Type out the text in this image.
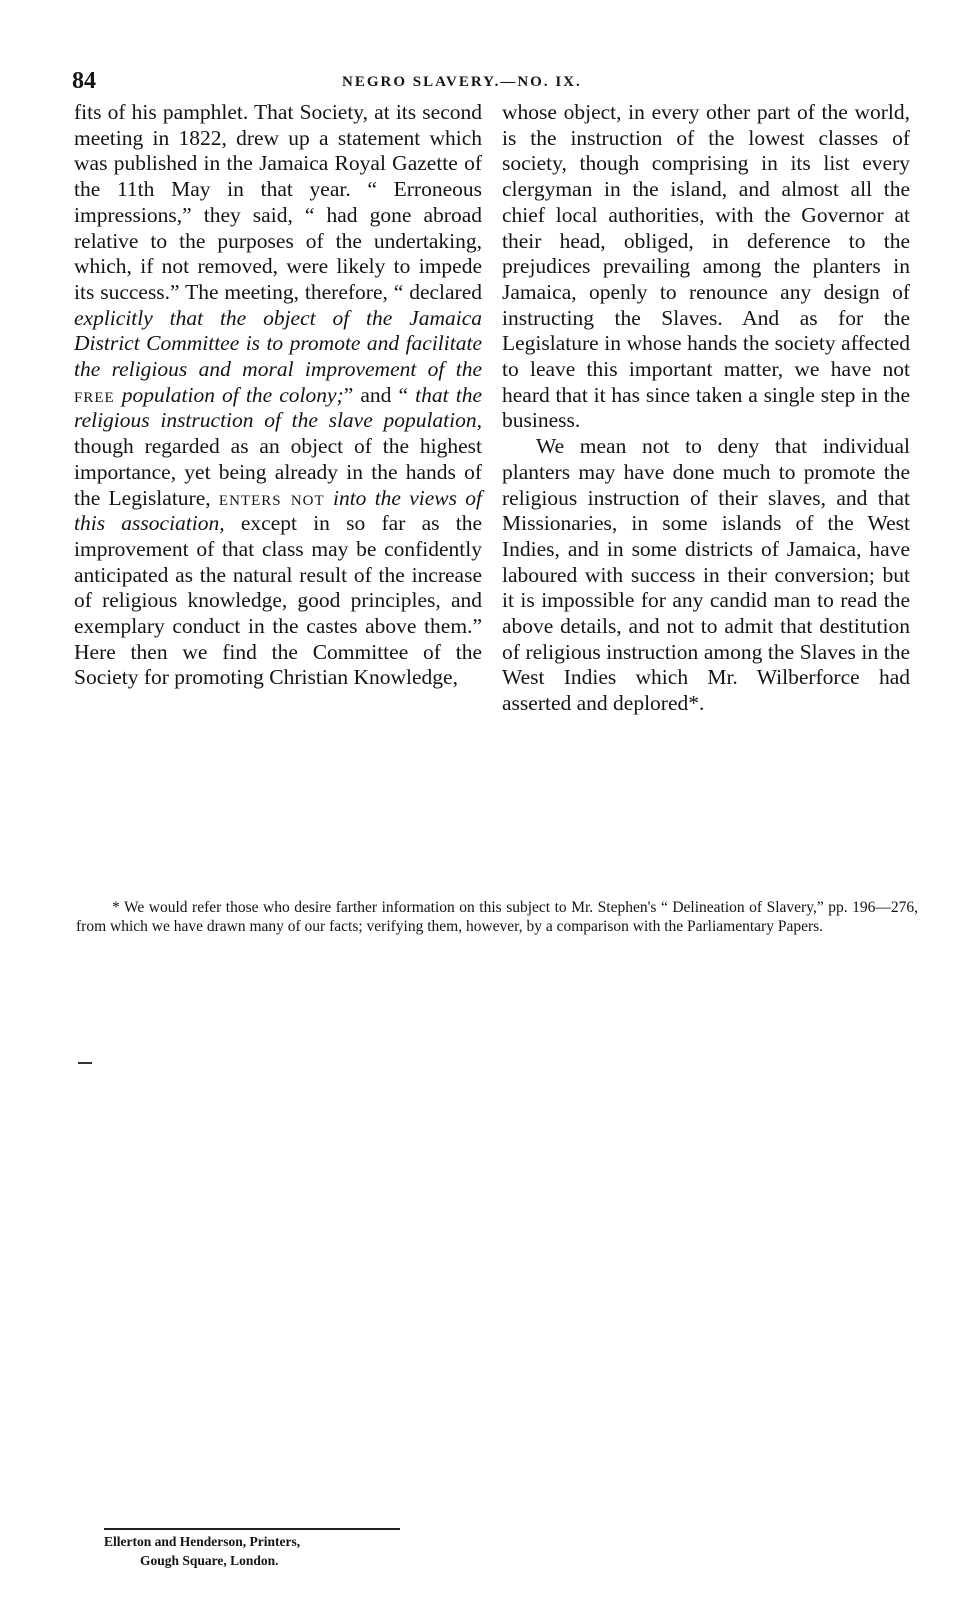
84	NEGRO SLAVERY.—NO. IX.

fits of his pamphlet. That Society, at its second meeting in 1822, drew up a statement which was published in the Jamaica Royal Gazette of the 11th May in that year. “ Erroneous impressions,” they said, “ had gone abroad relative to the purposes of the undertaking, which, if not removed, were likely to impede its success.” The meeting, therefore, “ declared explicitly that the object of the Jamaica District Committee is to promote and facilitate the religious and moral improvement of the free population of the colony;” and “ that the religious instruction of the slave population, though regarded as an object of the highest importance, yet being already in the hands of the Legislature, enters not into the views of this association, except in so far as the improvement of that class may be confidently anticipated as the natural result of the increase of religious knowledge, good principles, and exemplary conduct in the castes above them.” Here then we find the Committee of the Society for promoting Christian Knowledge,

whose object, in every other part of the world, is the instruction of the lowest classes of society, though comprising in its list every clergyman in the island, and almost all the chief local authorities, with the Governor at their head, obliged, in deference to the prejudices prevailing among the planters in Jamaica, openly to renounce any design of instructing the Slaves. And as for the Legislature in whose hands the society affected to leave this important matter, we have not heard that it has since taken a single step in the business.

We mean not to deny that individual planters may have done much to promote the religious instruction of their slaves, and that Missionaries, in some islands of the West Indies, and in some districts of Jamaica, have laboured with success in their conversion; but it is impossible for any candid man to read the above details, and not to admit that destitution of religious instruction among the Slaves in the West Indies which Mr. Wilberforce had asserted and deplored*.

* We would refer those who desire farther information on this subject to Mr. Stephen's “ Delineation of Slavery,” pp. 196—276, from which we have drawn many of our facts; verifying them, however, by a comparison with the Parliamentary Papers.

Ellerton and Henderson, Printers,
Gough Square, London.
